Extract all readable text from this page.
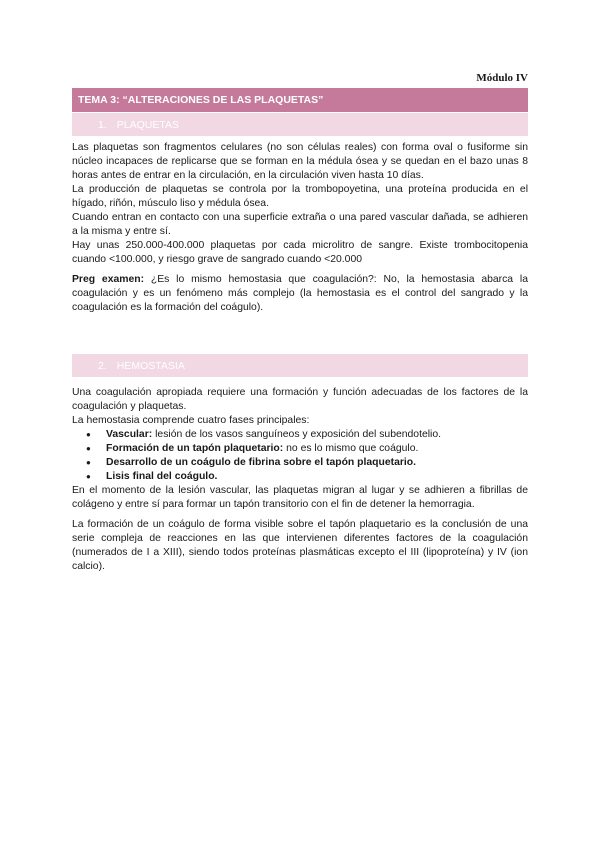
Módulo IV
TEMA 3: “ALTERACIONES DE LAS PLAQUETAS”
1. PLAQUETAS

Las plaquetas son fragmentos celulares (no son células reales) con forma oval o fusiforme sin núcleo incapaces de replicarse que se forman en la médula ósea y se quedan en el bazo unas 8 horas antes de entrar en la circulación, en la circulación viven hasta 10 días.

La producción de plaquetas se controla por la trombopoyetina, una proteína producida en el hígado, riñón, músculo liso y médula ósea.

Cuando entran en contacto con una superficie extraña o una pared vascular dañada, se adhieren a la misma y entre sí.

Hay unas 250.000-400.000 plaquetas por cada microlitro de sangre. Existe trombocitopenia cuando <100.000, y riesgo grave de sangrado cuando <20.000

Preg examen: ¿Es lo mismo hemostasia que coagulación?: No, la hemostasia abarca la coagulación y es un fenómeno más complejo (la hemostasia es el control del sangrado y la coagulación es la formación del coágulo).

2. HEMOSTASIA

Una coagulación apropiada requiere una formación y función adecuadas de los factores de la coagulación y plaquetas.

La hemostasia comprende cuatro fases principales:

● Vascular: lesión de los vasos sanguíneos y exposición del subendotelio.
● Formación de un tapón plaquetario: no es lo mismo que coágulo.
● Desarrollo de un coágulo de fibrina sobre el tapón plaquetario.
● Lisis final del coágulo.

En el momento de la lesión vascular, las plaquetas migran al lugar y se adhieren a fibrillas de colágeno y entre sí para formar un tapón transitorio con el fin de detener la hemorragia.

La formación de un coágulo de forma visible sobre el tapón plaquetario es la conclusión de una serie compleja de reacciones en las que intervienen diferentes factores de la coagulación (numerados de I a XIII), siendo todos proteínas plasmáticas excepto el III (lipoproteína) y IV (ion calcio).
